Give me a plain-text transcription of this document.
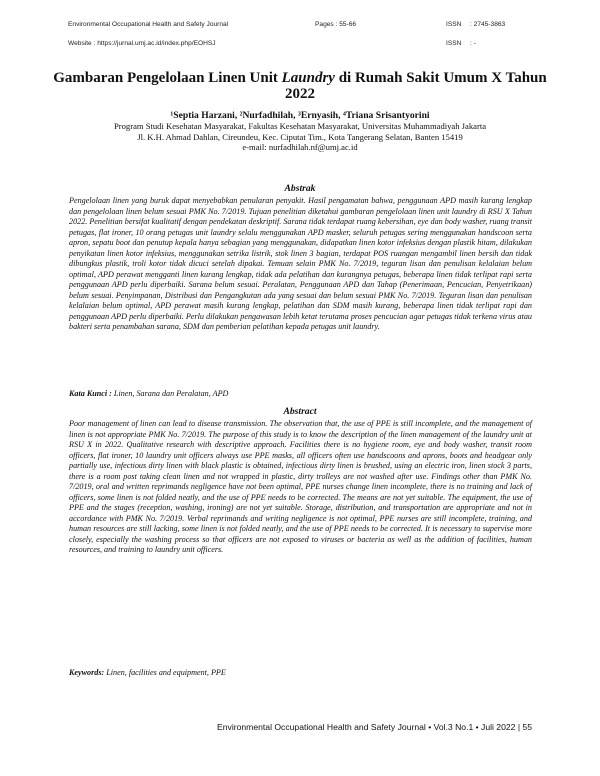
Environmental Occupational Health and Safety Journal	Pages : 55-66	ISSN : 2745-3863
Website : https://jurnal.umj.ac.id/index.php/EOHSJ	ISSN : -
Gambaran Pengelolaan Linen Unit Laundry di Rumah Sakit Umum X Tahun 2022
¹Septia Harzani, ²Nurfadhilah, ³Ernyasih, ⁴Triana Srisantyorini
Program Studi Kesehatan Masyarakat, Fakultas Kesehatan Masyarakat, Universitas Muhammadiyah Jakarta
Jl. K.H. Ahmad Dahlan, Cireundeu, Kec. Ciputat Tim., Kota Tangerang Selatan, Banten 15419
e-mail: nurfadhilah.nf@umj.ac.id
Abstrak

Pengelolaan linen yang buruk dapat menyebabkan penularan penyakit. Hasil pengamatan bahwa, penggunaan APD masih kurang lengkap dan pengelolaan linen belum sesuai PMK No. 7/2019. Tujuan penelitian diketahui gambaran pengelolaan linen unit laundry di RSU X Tahun 2022. Penelitian bersifat kualitatif dengan pendekatan deskriptif. Sarana tidak terdapat ruang kebersihan, eye dan body washer, ruang transit petugas, flat ironer, 10 orang petugas unit laundry selalu menggunakan APD masker, seluruh petugas sering menggunakan handscoon serta apron, sepatu boot dan penutup kepala hanya sebagian yang menggunakan, didapatkan linen kotor infeksius dengan plastik hitam, dilakukan penyikatan linen kotor infeksius, menggunakan setrika listrik, stok linen 3 bagian, terdapat POS ruangan mengambil linen bersih dan tidak dibungkus plastik, troli kotor tidak dicuci setelah dipakai. Temuan selain PMK No. 7/2019, teguran lisan dan penulisan kelalaian belum optimal, APD perawat mengganti linen kurang lengkap, tidak ada pelatihan dan kurangnya petugas, beberapa linen tidak terlipat rapi serta penggunaan APD perlu diperbaiki. Sarana belum sesuai. Peralatan, Penggunaan APD dan Tahap (Penerimaan, Pencucian, Penyetrikaan) belum sesuai. Penyimpanan, Distribusi dan Pengangkutan ada yang sesuai dan belum sesuai PMK No. 7/2019. Teguran lisan dan penulisan kelalaian belum optimal, APD perawat masih kurang lengkap, pelatihan dan SDM masih kurang, beberapa linen tidak terlipat rapi dan penggunaan APD perlu diperbaiki. Perlu dilakukan pengawasan lebih ketat terutama proses pencucian agar petugas tidak terkena virus atau bakteri serta penambahan sarana, SDM dan pemberian pelatihan kepada petugas unit laundry.

Kata Kunci : Linen, Sarana dan Peralatan, APD
Abstract

Poor management of linen can lead to disease transmission. The observation that, the use of PPE is still incomplete, and the management of linen is not appropriate PMK No. 7/2019. The purpose of this study is to know the description of the linen management of the laundry unit at RSU X in 2022. Qualitative research with descriptive approach. Facilities there is no hygiene room, eye and body washer, transit room officers, flat ironer, 10 laundry unit officers always use PPE masks, all officers often use handscoons and aprons, boots and headgear only partially use, infectious dirty linen with black plastic is obtained, infectious dirty linen is brushed, using an electric iron, linen stock 3 parts, there is a room post taking clean linen and not wrapped in plastic, dirty trolleys are not washed after use. Findings other than PMK No. 7/2019, oral and written reprimands negligence have not been optimal, PPE nurses change linen incomplete, there is no training and lack of officers, some linen is not folded neatly, and the use of PPE needs to be corrected. The means are not yet suitable. The equipment, the use of PPE and the stages (reception, washing, ironing) are not yet suitable. Storage, distribution, and transportation are appropriate and not in accordance with PMK No. 7/2019. Verbal reprimands and writing negligence is not optimal, PPE nurses are still incomplete, training, and human resources are still lacking, some linen is not folded neatly, and the use of PPE needs to be corrected. It is necessary to supervise more closely, especially the washing process so that officers are not exposed to viruses or bacteria as well as the addition of facilities, human resources, and training to laundry unit officers.

Keywords: Linen, facilities and equipment, PPE
Environmental Occupational Health and Safety Journal • Vol.3 No.1 • Juli 2022 | 55
